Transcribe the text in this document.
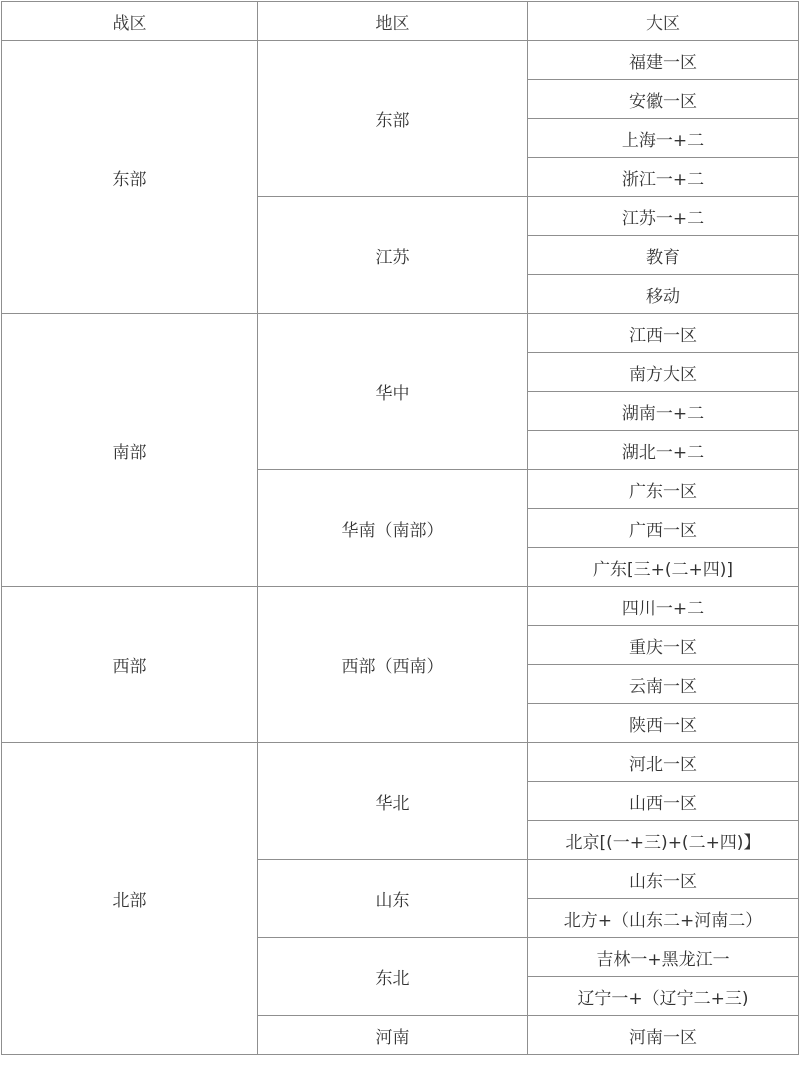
战区	地区	大区
东部	东部	福建一区
		安徽一区
		上海一+二
		浙江一+二
	江苏	江苏一+二
		教育
		移动
南部	华中	江西一区
		南方大区
		湖南一+二
		湖北一+二
	华南（南部）	广东一区
		广西一区
		广东[三+(二+四)]
西部	西部（西南）	四川一+二
		重庆一区
		云南一区
		陕西一区
北部	华北	河北一区
		山西一区
		北京[(一+三)+(二+四)】
	山东	山东一区
		北方+（山东二+河南二）
	东北	吉林一+黑龙江一
		辽宁一+（辽宁二+三)
	河南	河南一区
